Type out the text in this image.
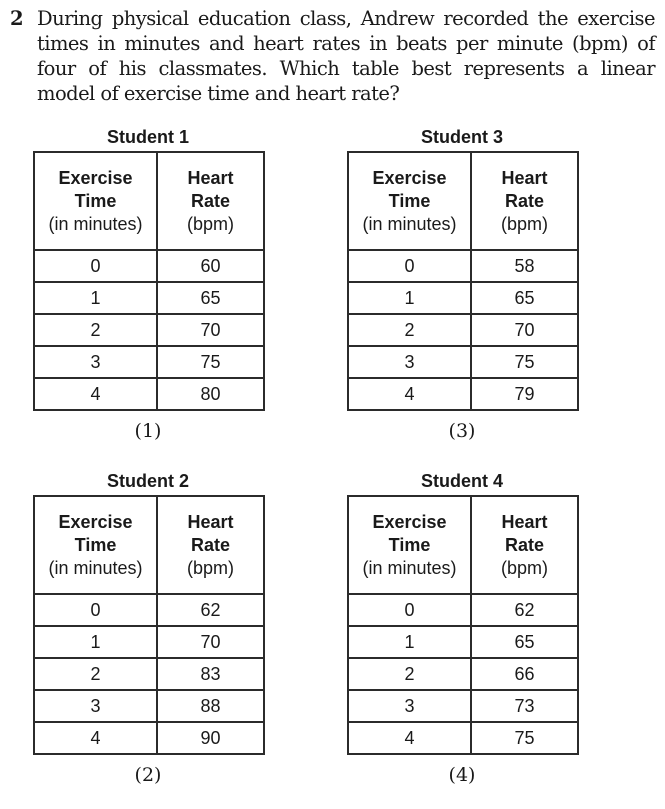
2 During physical education class, Andrew recorded the exercise times in minutes and heart rates in beats per minute (bpm) of four of his classmates. Which table best represents a linear model of exercise time and heart rate?
Student 1
Exercise
Time
(in minutes)	Heart
Rate
(bpm)

0	60
1	65
2	70
3	75
4	80
(1)
Student 2
Exercise
Time
(in minutes)	Heart
Rate
(bpm)

0	62
1	70
2	83
3	88
4	90
(2)
Student 3
Exercise
Time
(in minutes)	Heart
Rate
(bpm)

0	58
1	65
2	70
3	75
4	79
(3)
Student 4
Exercise
Time
(in minutes)	Heart
Rate
(bpm)

0	62
1	65
2	66
3	73
4	75
(4)
